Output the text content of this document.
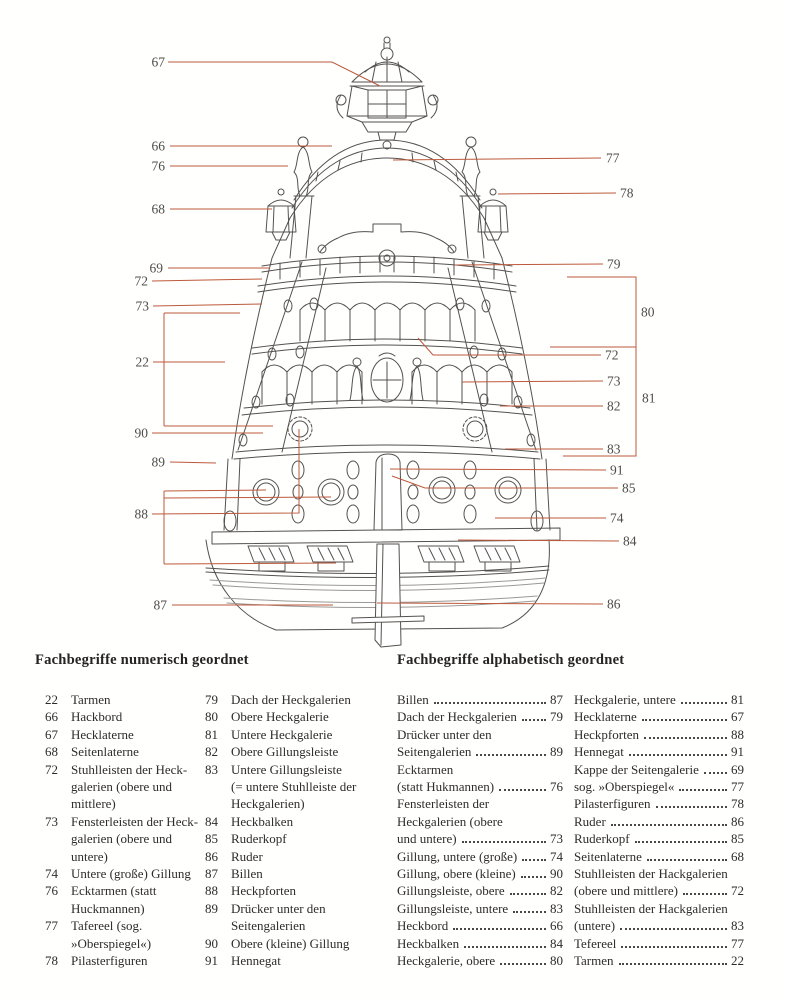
67
66
76
68
69
72
73
22
90
89
88
87
77
78
79
80
72
73
82
81
83
91
85
74
84
86
Fachbegriffe numerisch geordnet	Fachbegriffe alphabetisch geordnet
22	Tarmen
66	Hackbord
67	Hecklaterne
68	Seitenlaterne
72	Stuhlleisten der Heck-
galerien (obere und
mittlere)
73	Fensterleisten der Heck-
galerien (obere und
untere)
74	Untere (große) Gillung
76	Ecktarmen (statt
Huckmannen)
77	Tafereel (sog.
»Oberspiegel«)
78	Pilasterfiguren
79	Dach der Heckgalerien
80	Obere Heckgalerie
81	Untere Heckgalerie
82	Obere Gillungsleiste
83	Untere Gillungsleiste
(= untere Stuhlleiste der
Heckgalerien)
84	Heckbalken
85	Ruderkopf
86	Ruder
87	Billen
88	Heckpforten
89	Drücker unter den
Seitengalerien
90	Obere (kleine) Gillung
91	Hennegat
Billen	87
Dach der Heckgalerien	79
Drücker unter den
Seitengalerien	89
Ecktarmen
(statt Hukmannen)	76
Fensterleisten der
Heckgalerien (obere
und untere)	73
Gillung, untere (große)	74
Gillung, obere (kleine)	90
Gillungsleiste, obere	82
Gillungsleiste, untere	83
Heckbord	66
Heckbalken	84
Heckgalerie, obere	80
Heckgalerie, untere	81
Hecklaterne	67
Heckpforten	88
Hennegat	91
Kappe der Seitengalerie 69
sog. »Oberspiegel«	77
Pilasterfiguren	78
Ruder	86
Ruderkopf	85
Seitenlaterne	68
Stuhlleisten der Hackgalerien
(obere und mittlere)	72
Stuhlleisten der Hackgalerien
(untere)	83
Tefereel	77
Tarmen	22
